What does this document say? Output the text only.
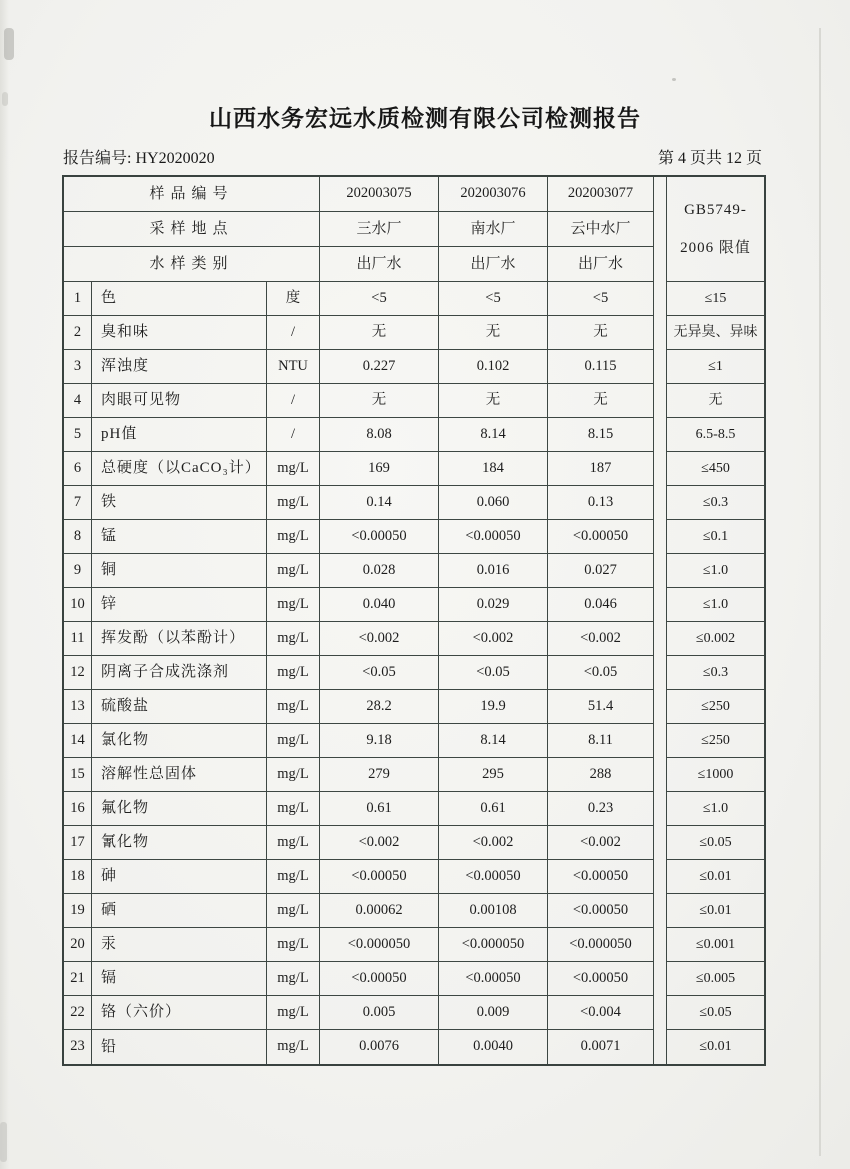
山西水务宏远水质检测有限公司检测报告
报告编号: HY2020020	第 4 页共 12 页
样品编号	202003075	202003076	202003077
GB5749-
2006 限值
采样地点	三水厂	南水厂	云中水厂
水样类别	出厂水	出厂水	出厂水
1	色	度	<5	<5	<5	≤15
2	臭和味	/	无	无	无	无异臭、异味
3	浑浊度	NTU	0.227	0.102	0.115	≤1
4	肉眼可见物	/	无	无	无	无
5	pH值	/	8.08	8.14	8.15	6.5-8.5
6	总硬度（以CaCO₃计）	mg/L	169	184	187	≤450
7	铁	mg/L	0.14	0.060	0.13	≤0.3
8	锰	mg/L	<0.00050	<0.00050	<0.00050	≤0.1
9	铜	mg/L	0.028	0.016	0.027	≤1.0
10	锌	mg/L	0.040	0.029	0.046	≤1.0
11	挥发酚（以苯酚计）	mg/L	<0.002	<0.002	<0.002	≤0.002
12	阴离子合成洗涤剂	mg/L	<0.05	<0.05	<0.05	≤0.3
13	硫酸盐	mg/L	28.2	19.9	51.4	≤250
14	氯化物	mg/L	9.18	8.14	8.11	≤250
15	溶解性总固体	mg/L	279	295	288	≤1000
16	氟化物	mg/L	0.61	0.61	0.23	≤1.0
17	氰化物	mg/L	<0.002	<0.002	<0.002	≤0.05
18	砷	mg/L	<0.00050	<0.00050	<0.00050	≤0.01
19	硒	mg/L	0.00062	0.00108	<0.00050	≤0.01
20	汞	mg/L	<0.000050	<0.000050	<0.000050	≤0.001
21	镉	mg/L	<0.00050	<0.00050	<0.00050	≤0.005
22	铬（六价）	mg/L	0.005	0.009	<0.004	≤0.05
23	铅	mg/L	0.0076	0.0040	0.0071	≤0.01
